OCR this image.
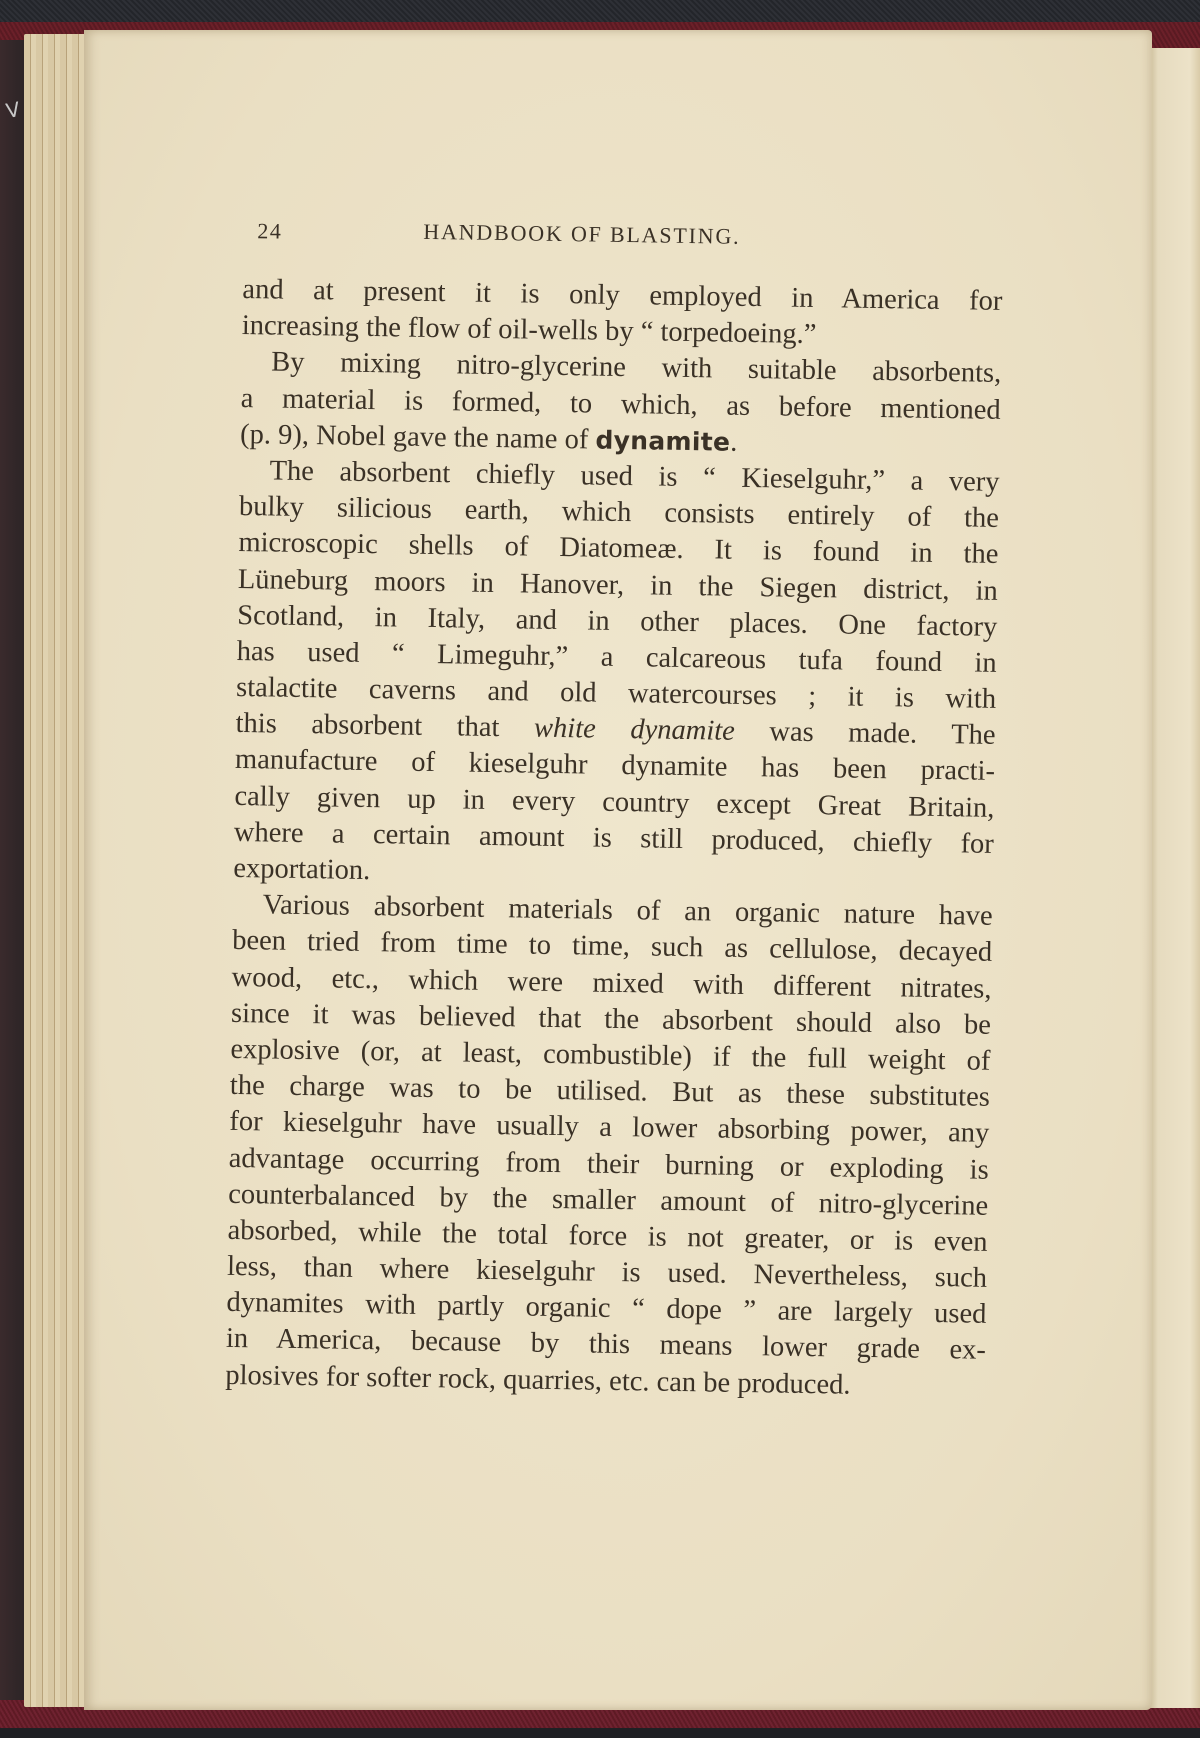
V
24	HANDBOOK OF BLASTING.
and at present it is only employed in America for
increasing the flow of oil-wells by “ torpedoeing.”
By mixing nitro-glycerine with suitable absorbents,
a material is formed, to which, as before mentioned
(p. 9), Nobel gave the name of dynamite.
The absorbent chiefly used is “ Kieselguhr,” a very
bulky silicious earth, which consists entirely of the
microscopic shells of Diatomeæ. It is found in the
Lüneburg moors in Hanover, in the Siegen district, in
Scotland, in Italy, and in other places. One factory
has used “ Limeguhr,” a calcareous tufa found in
stalactite caverns and old watercourses ; it is with
this absorbent that white dynamite was made. The
manufacture of kieselguhr dynamite has been practi-
cally given up in every country except Great Britain,
where a certain amount is still produced, chiefly for
exportation.
Various absorbent materials of an organic nature have
been tried from time to time, such as cellulose, decayed
wood, etc., which were mixed with different nitrates,
since it was believed that the absorbent should also be
explosive (or, at least, combustible) if the full weight of
the charge was to be utilised. But as these substitutes
for kieselguhr have usually a lower absorbing power, any
advantage occurring from their burning or exploding is
counterbalanced by the smaller amount of nitro-glycerine
absorbed, while the total force is not greater, or is even
less, than where kieselguhr is used. Nevertheless, such
dynamites with partly organic “ dope ” are largely used
in America, because by this means lower grade ex-
plosives for softer rock, quarries, etc. can be produced.
